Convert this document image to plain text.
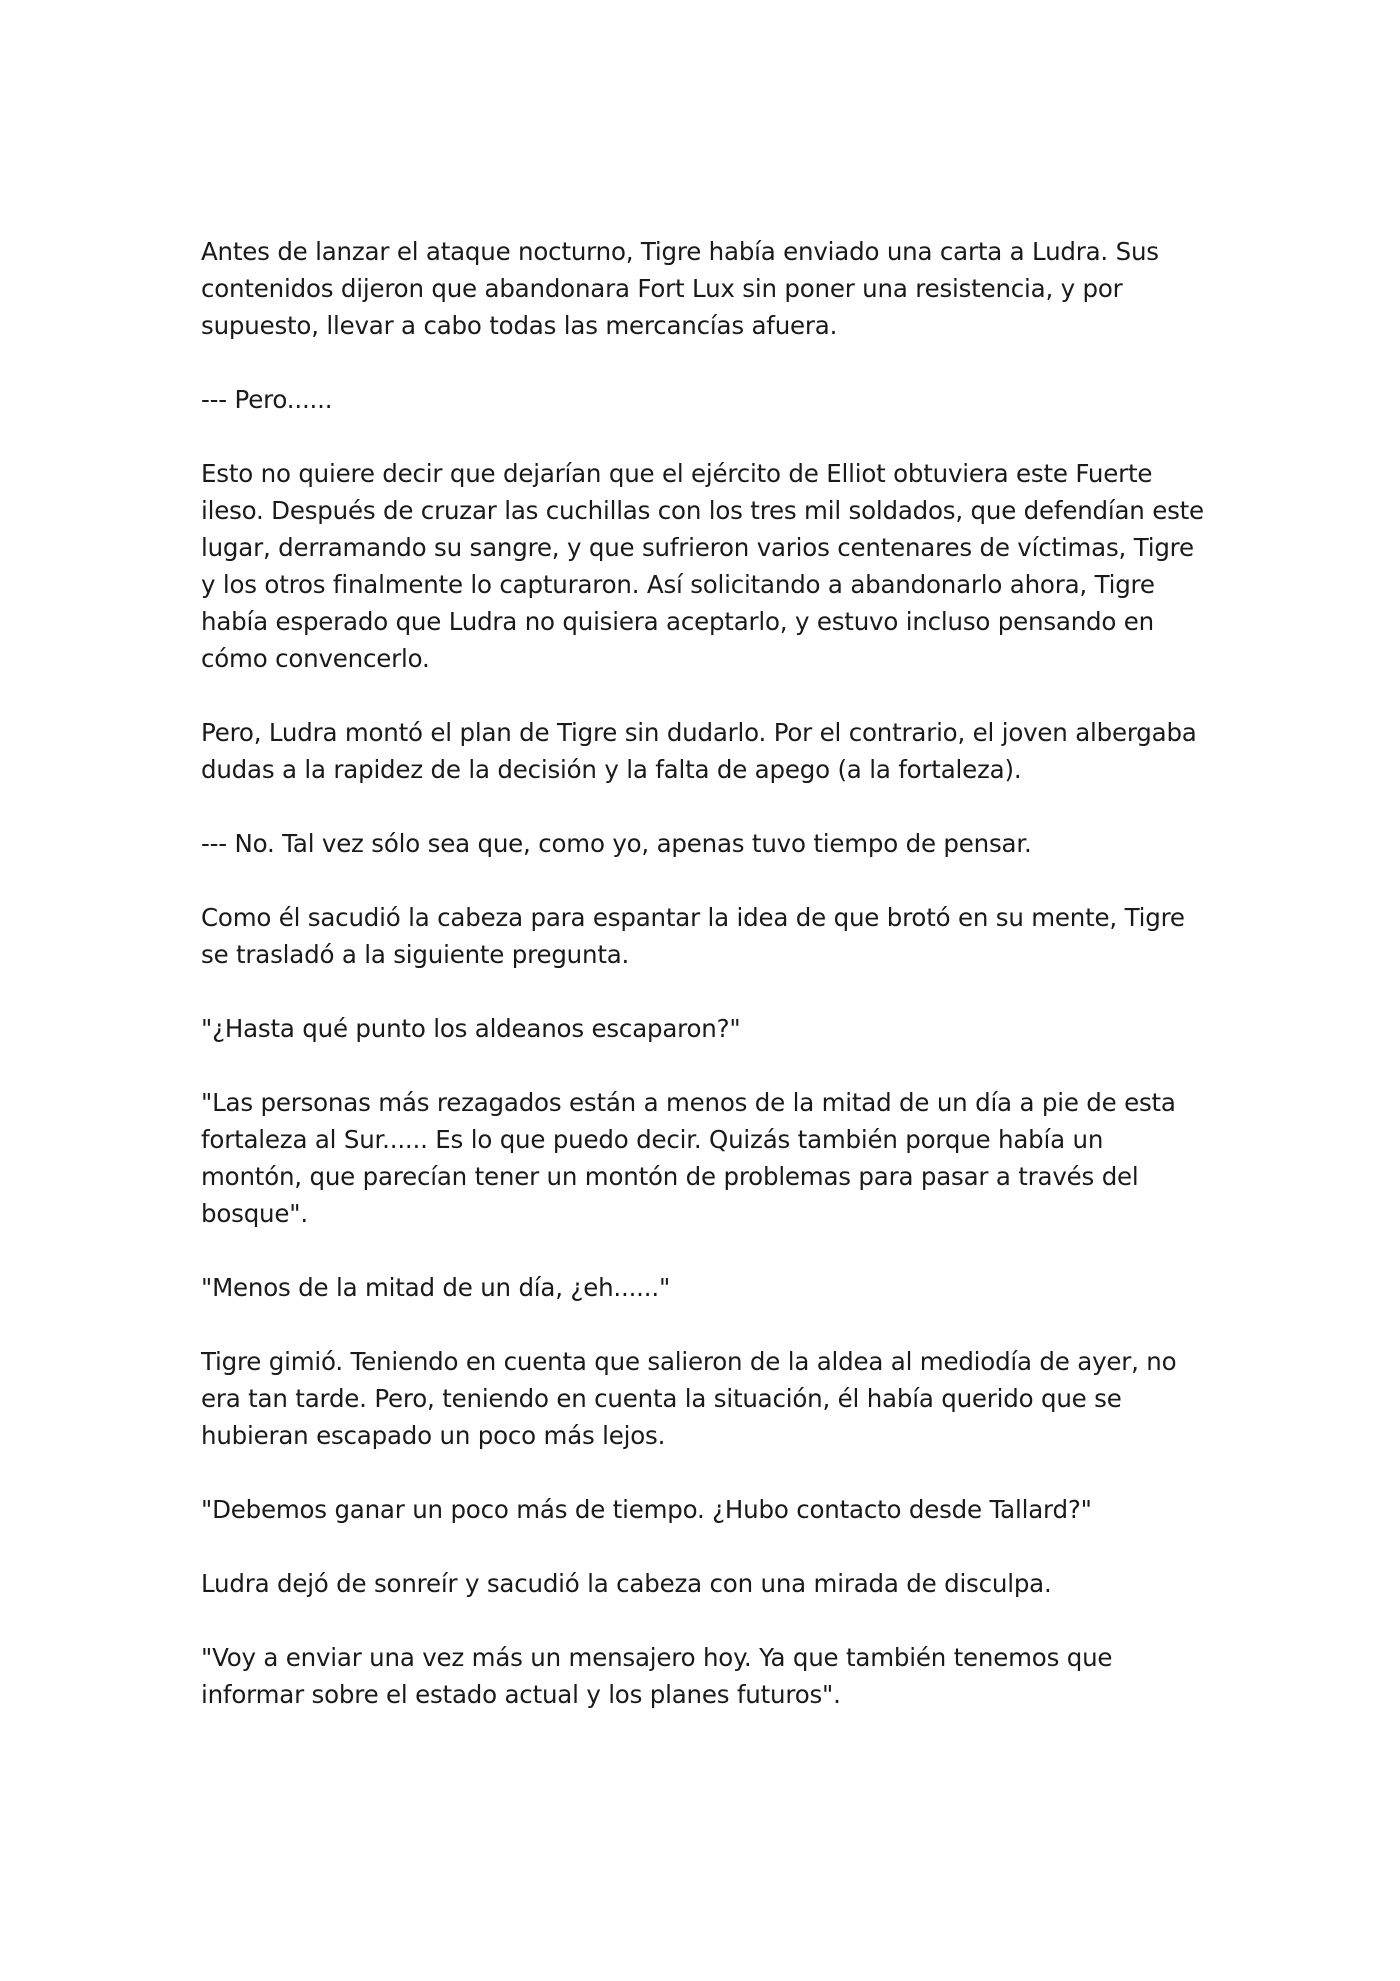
Antes de lanzar el ataque nocturno, Tigre había enviado una carta a Ludra. Sus contenidos dijeron que abandonara Fort Lux sin poner una resistencia, y por supuesto, llevar a cabo todas las mercancías afuera.

--- Pero......

Esto no quiere decir que dejarían que el ejército de Elliot obtuviera este Fuerte ileso. Después de cruzar las cuchillas con los tres mil soldados, que defendían este lugar, derramando su sangre, y que sufrieron varios centenares de víctimas, Tigre y los otros finalmente lo capturaron. Así solicitando a abandonarlo ahora, Tigre había esperado que Ludra no quisiera aceptarlo, y estuvo incluso pensando en cómo convencerlo.

Pero, Ludra montó el plan de Tigre sin dudarlo. Por el contrario, el joven albergaba dudas a la rapidez de la decisión y la falta de apego (a la fortaleza).

--- No. Tal vez sólo sea que, como yo, apenas tuvo tiempo de pensar.

Como él sacudió la cabeza para espantar la idea de que brotó en su mente, Tigre se trasladó a la siguiente pregunta.

"¿Hasta qué punto los aldeanos escaparon?"

"Las personas más rezagados están a menos de la mitad de un día a pie de esta fortaleza al Sur...... Es lo que puedo decir. Quizás también porque había un montón, que parecían tener un montón de problemas para pasar a través del bosque".

"Menos de la mitad de un día, ¿eh......"

Tigre gimió. Teniendo en cuenta que salieron de la aldea al mediodía de ayer, no era tan tarde. Pero, teniendo en cuenta la situación, él había querido que se hubieran escapado un poco más lejos.

"Debemos ganar un poco más de tiempo. ¿Hubo contacto desde Tallard?"

Ludra dejó de sonreír y sacudió la cabeza con una mirada de disculpa.

"Voy a enviar una vez más un mensajero hoy. Ya que también tenemos que informar sobre el estado actual y los planes futuros".
